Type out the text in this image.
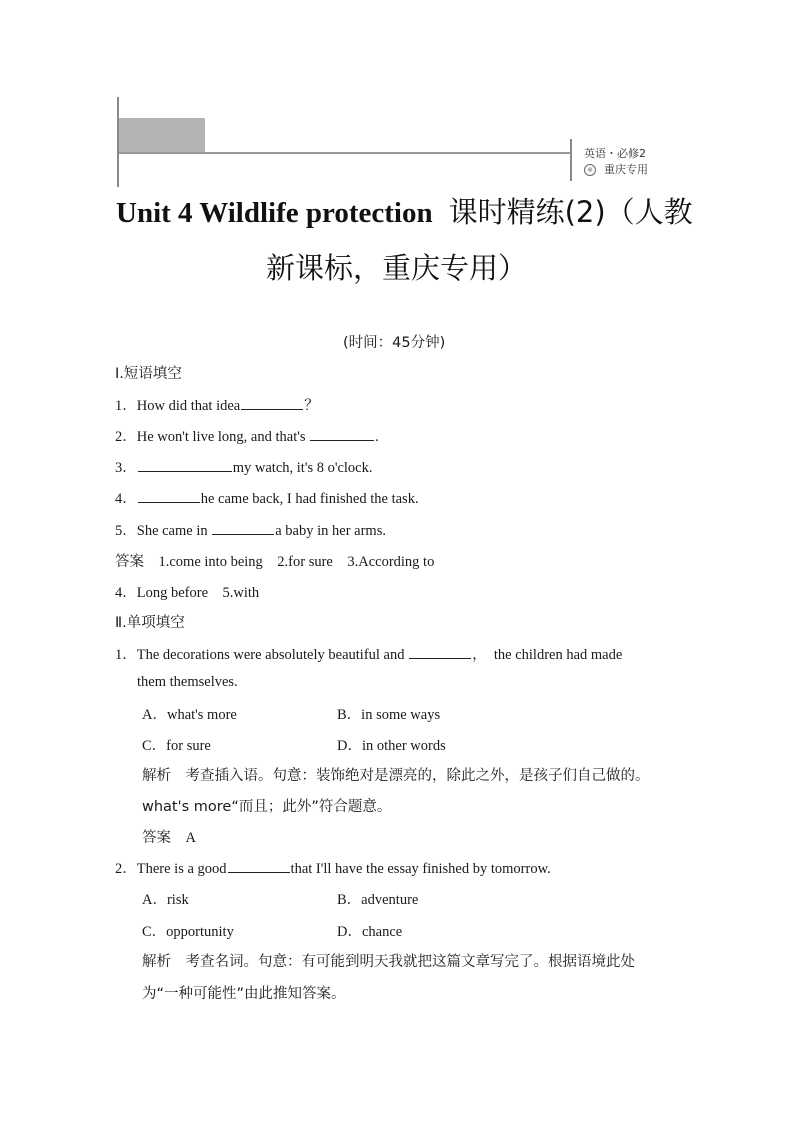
英语・必修2
※ 重庆专用
Unit 4 Wildlife protection 课时精练(2)（人教
新课标，重庆专用）
(时间：45分钟)
Ⅰ.短语填空
1．How did that idea	？
2．He won't live long, and that's	.
3．	my watch, it's 8 o'clock.
4．	he came back, I had finished the task.
5．She came in	a baby in her arms.
答案　 1.come into being　2.for sure　3.According to
4．Long before　5.with
Ⅱ.单项填空
1．The decorations were absolutely beautiful and	，　the children had made
them themselves.
A．what's more	B．in some ways
C．for sure	D．in other words
解析　 考查插入语。句意：装饰绝对是漂亮的，除此之外，是孩子们自己做的。
what's more“而且；此外”符合题意。
答案　 A
2．There is a good	that I'll have the essay finished by tomorrow.
A．risk	B．adventure
C．opportunity	D．chance
解析　 考查名词。句意：有可能到明天我就把这篇文章写完了。根据语境此处
为“一种可能性”由此推知答案。
